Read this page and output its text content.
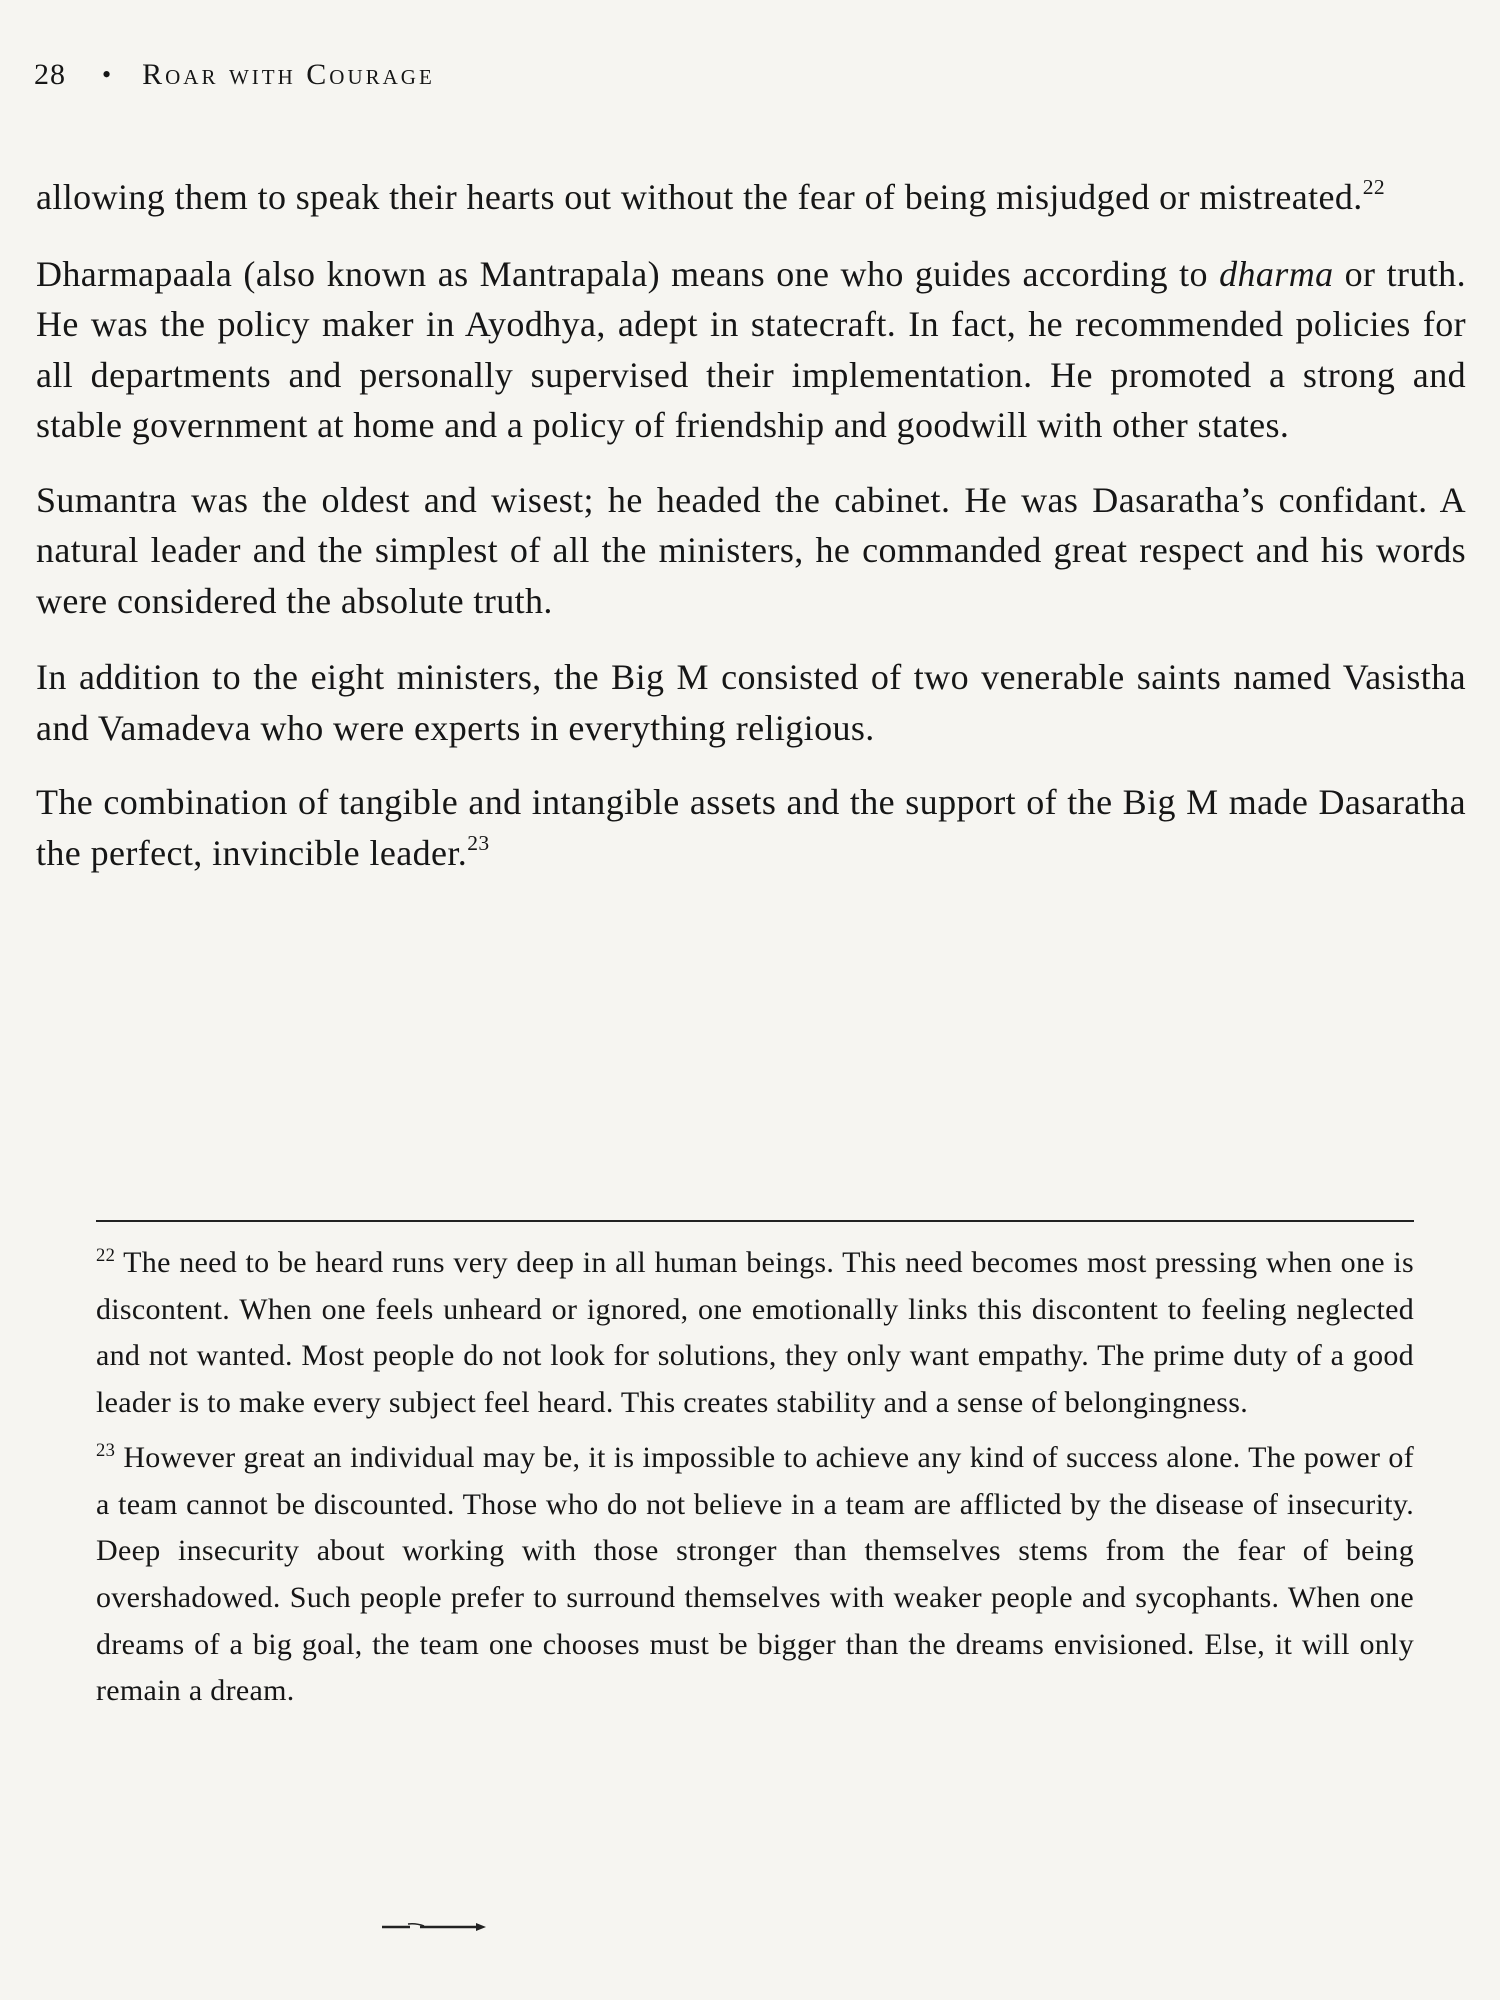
28 • Roar with Courage

allowing them to speak their hearts out without the fear of being misjudged or mistreated.$^{22}$

Dharmapaala (also known as Mantrapala) means one who guides according to dharma or truth. He was the policy maker in Ayodhya, adept in statecraft. In fact, he recommended policies for all departments and personally supervised their implementation. He promoted a strong and stable government at home and a policy of friendship and goodwill with other states.

Sumantra was the oldest and wisest; he headed the cabinet. He was Dasaratha’s confidant. A natural leader and the simplest of all the ministers, he commanded great respect and his words were considered the absolute truth.

In addition to the eight ministers, the Big M consisted of two venerable saints named Vasistha and Vamadeva who were experts in everything religious.

The combination of tangible and intangible assets and the support of the Big M made Dasaratha the perfect, invincible leader.$^{23}$

$^{22}$ The need to be heard runs very deep in all human beings. This need becomes most pressing when one is discontent. When one feels unheard or ignored, one emotionally links this discontent to feeling neglected and not wanted. Most people do not look for solutions, they only want empathy. The prime duty of a good leader is to make every subject feel heard. This creates stability and a sense of belongingness.

$^{23}$ However great an individual may be, it is impossible to achieve any kind of success alone. The power of a team cannot be discounted. Those who do not believe in a team are afflicted by the disease of insecurity. Deep insecurity about working with those stronger than themselves stems from the fear of being overshadowed. Such people prefer to surround themselves with weaker people and sycophants. When one dreams of a big goal, the team one chooses must be bigger than the dreams envisioned. Else, it will only remain a dream.
